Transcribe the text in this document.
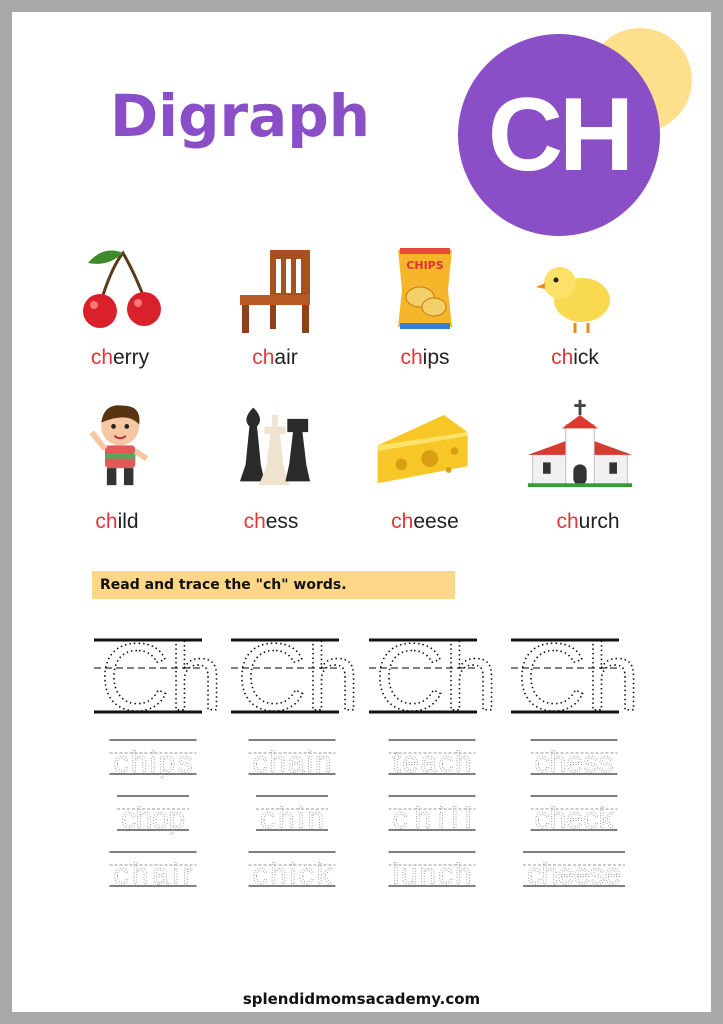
Digraph CH
CHIPS
cherry	chair	chips	chick
child	chess	cheese	church
Read and trace the "ch" words.
Ch Ch Ch Ch
chips chain teach chess
chop	chin chill check
chair chick lunch cheese
splendidmomsacademy.com
